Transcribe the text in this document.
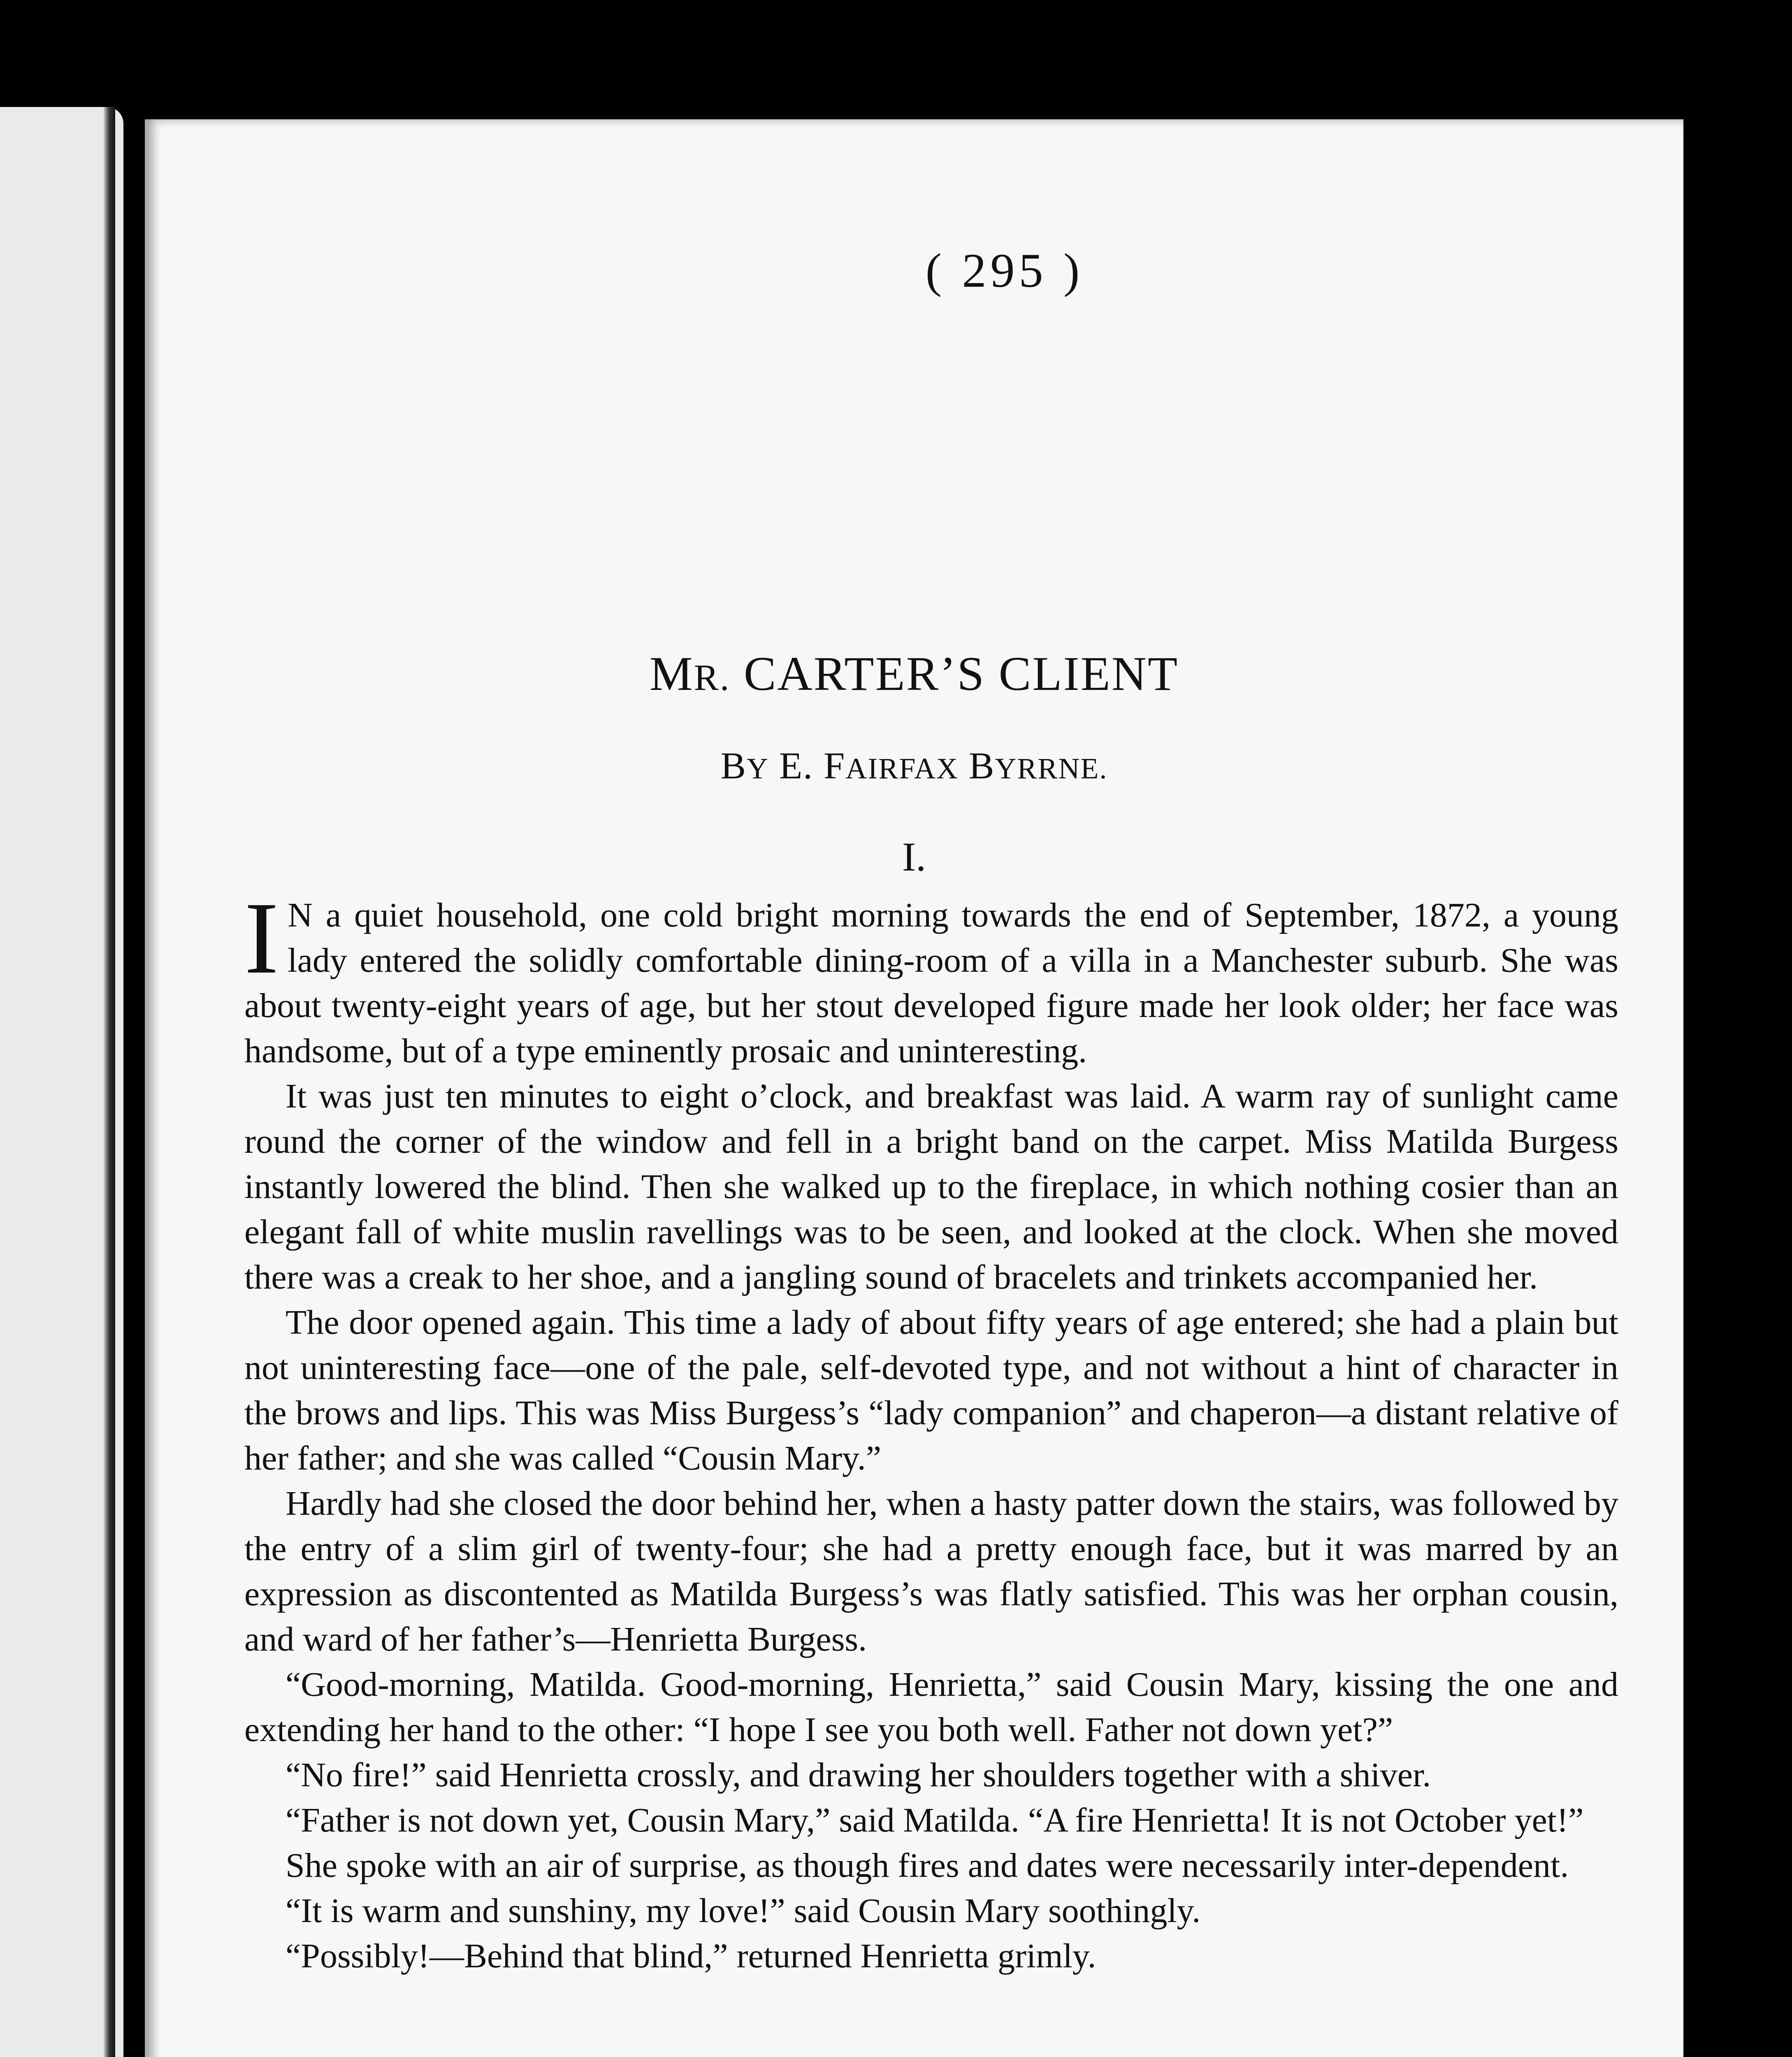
( 295 )
MR. CARTER’S CLIENT
BY E. FAIRFAX BYRRNE.
I.

I N a quiet household, one cold bright morning towards the end of September, 1872, a young lady entered the solidly comfortable dining-room of a villa in a Manchester suburb. She was about twenty-eight years of age, but her stout developed figure made her look older; her face was handsome, but of a type eminently prosaic and uninteresting.

It was just ten minutes to eight o’clock, and breakfast was laid. A warm ray of sunlight came round the corner of the window and fell in a bright band on the carpet. Miss Matilda Burgess instantly lowered the blind. Then she walked up to the fireplace, in which nothing cosier than an elegant fall of white muslin ravellings was to be seen, and looked at the clock. When she moved there was a creak to her shoe, and a jangling sound of bracelets and trinkets accompanied her.

The door opened again. This time a lady of about fifty years of age entered; she had a plain but not uninteresting face—one of the pale, self-devoted type, and not without a hint of character in the brows and lips. This was Miss Burgess’s “lady companion” and chaperon—a distant relative of her father; and she was called “Cousin Mary.”

Hardly had she closed the door behind her, when a hasty patter down the stairs, was followed by the entry of a slim girl of twenty-four; she had a pretty enough face, but it was marred by an expression as discontented as Matilda Burgess’s was flatly satisfied. This was her orphan cousin, and ward of her father’s—Henrietta Burgess.

“Good-morning, Matilda. Good-morning, Henrietta,” said Cousin Mary, kissing the one and extending her hand to the other: “I hope I see you both well. Father not down yet?”

“No fire!” said Henrietta crossly, and drawing her shoulders together with a shiver.

“Father is not down yet, Cousin Mary,” said Matilda. “A fire Henrietta! It is not October yet!”

She spoke with an air of surprise, as though fires and dates were necessarily inter-dependent.

“It is warm and sunshiny, my love!” said Cousin Mary soothingly.

“Possibly!—Behind that blind,” returned Henrietta grimly.
